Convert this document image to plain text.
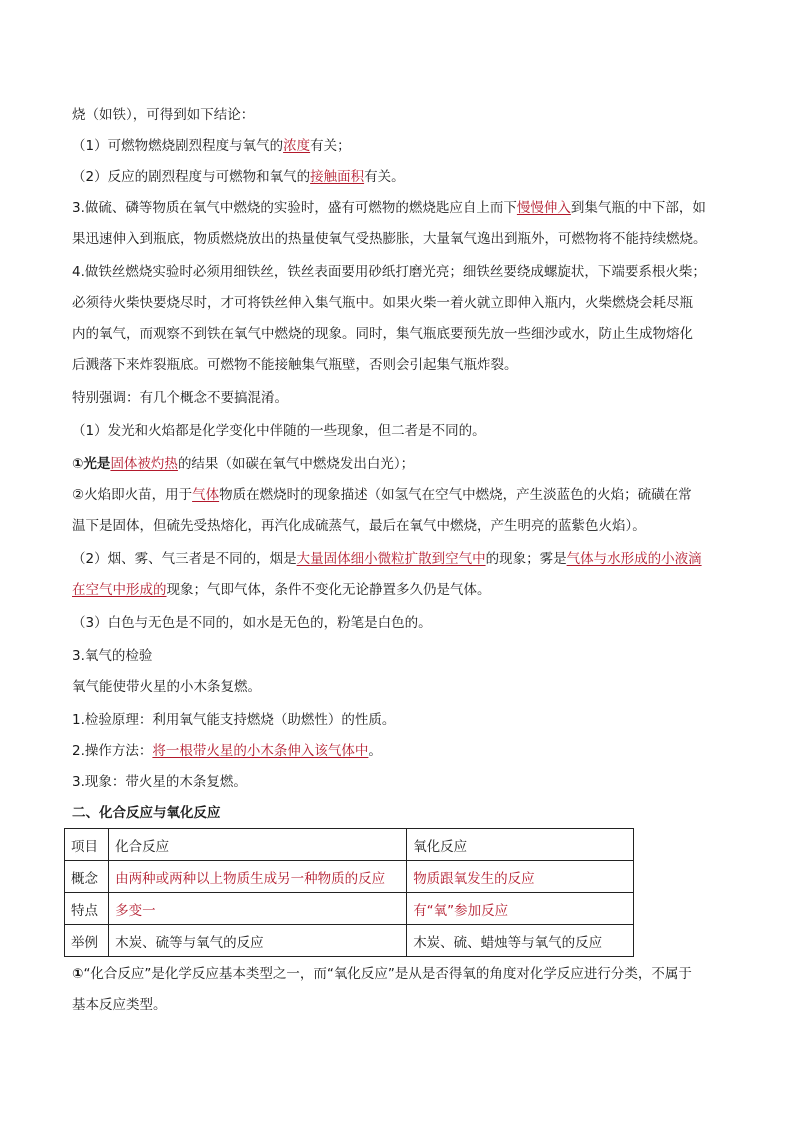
烧（如铁），可得到如下结论：
（1）可燃物燃烧剧烈程度与氧气的浓度有关；
（2）反应的剧烈程度与可燃物和氧气的接触面积有关。
3.做硫、磷等物质在氧气中燃烧的实验时，盛有可燃物的燃烧匙应自上而下慢慢伸入到集气瓶的中下部，如
果迅速伸入到瓶底，物质燃烧放出的热量使氧气受热膨胀，大量氧气逸出到瓶外，可燃物将不能持续燃烧。
4.做铁丝燃烧实验时必须用细铁丝，铁丝表面要用砂纸打磨光亮；细铁丝要绕成螺旋状，下端要系根火柴；
必须待火柴快要烧尽时，才可将铁丝伸入集气瓶中。如果火柴一着火就立即伸入瓶内，火柴燃烧会耗尽瓶
内的氧气，而观察不到铁在氧气中燃烧的现象。同时，集气瓶底要预先放一些细沙或水，防止生成物熔化
后溅落下来炸裂瓶底。可燃物不能接触集气瓶壁，否则会引起集气瓶炸裂。
特别强调：有几个概念不要搞混淆。
（1）发光和火焰都是化学变化中伴随的一些现象，但二者是不同的。
①光是固体被灼热的结果（如碳在氧气中燃烧发出白光）；
②火焰即火苗，用于气体物质在燃烧时的现象描述（如氢气在空气中燃烧，产生淡蓝色的火焰；硫磺在常
温下是固体，但硫先受热熔化，再汽化成硫蒸气，最后在氧气中燃烧，产生明亮的蓝紫色火焰）。
（2）烟、雾、气三者是不同的，烟是大量固体细小微粒扩散到空气中的现象；雾是气体与水形成的小液滴
在空气中形成的现象；气即气体，条件不变化无论静置多久仍是气体。
（3）白色与无色是不同的，如水是无色的，粉笔是白色的。
3.氧气的检验
氧气能使带火星的小木条复燃。
1.检验原理：利用氧气能支持燃烧（助燃性）的性质。
2.操作方法：将一根带火星的小木条伸入该气体中。
3.现象：带火星的木条复燃。
二、化合反应与氧化反应
项目	化合反应	氧化反应
概念	由两种或两种以上物质生成另一种物质的反应	物质跟氧发生的反应
特点	多变一	有“氧”参加反应
举例	木炭、硫等与氧气的反应	木炭、硫、蜡烛等与氧气的反应
①“化合反应”是化学反应基本类型之一，而“氧化反应”是从是否得氧的角度对化学反应进行分类，不属于
基本反应类型。
